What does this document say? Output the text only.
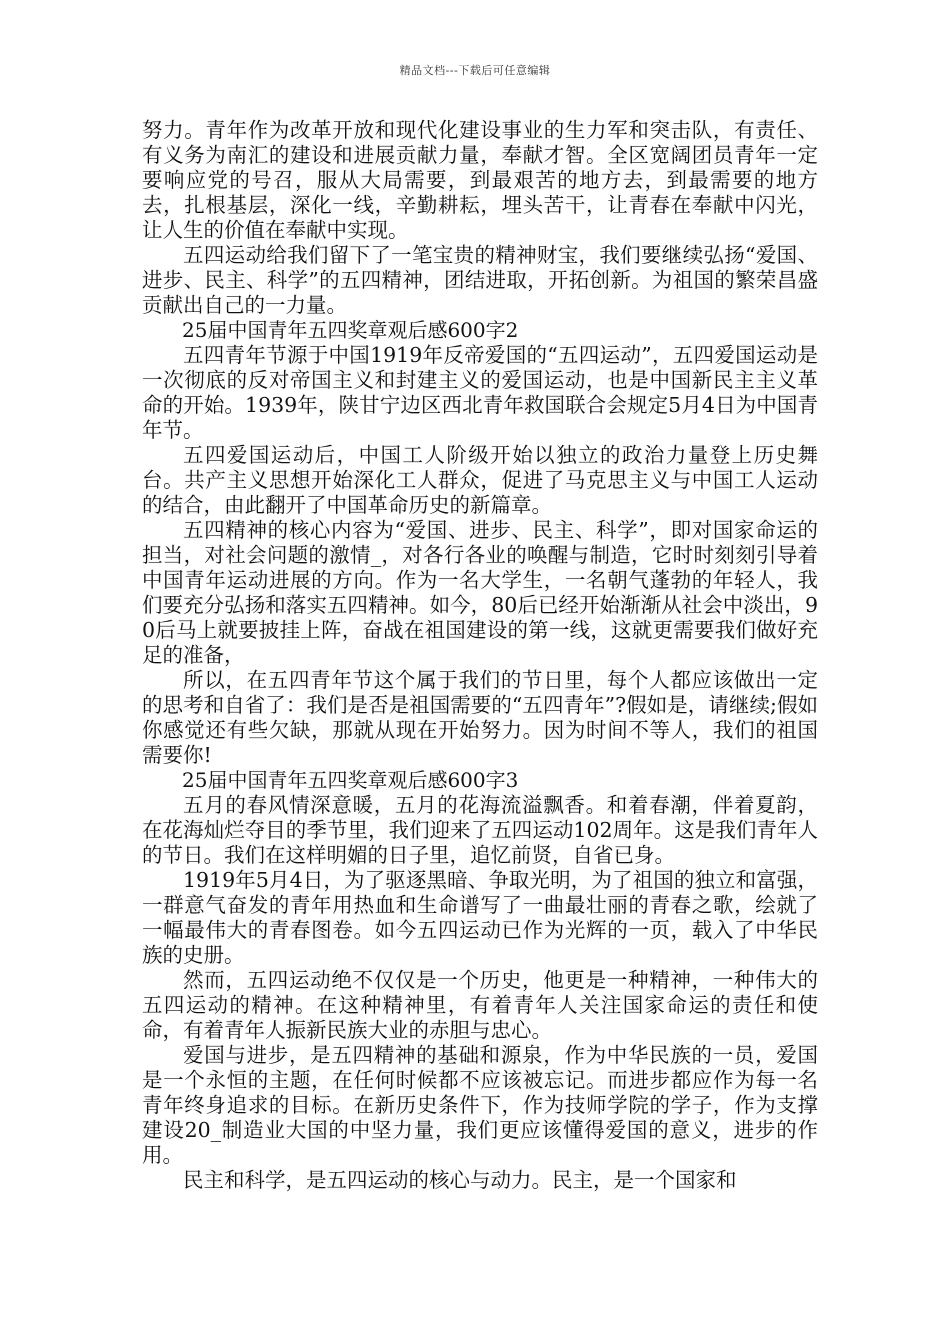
精品文档---下载后可任意编辑

努力。青年作为改革开放和现代化建设事业的生力军和突击队，有责任、有义务为南汇的建设和进展贡献力量，奉献才智。全区宽阔团员青年一定要响应党的号召，服从大局需要，到最艰苦的地方去，到最需要的地方去，扎根基层，深化一线，辛勤耕耘，埋头苦干，让青春在奉献中闪光，让人生的价值在奉献中实现。

五四运动给我们留下了一笔宝贵的精神财宝，我们要继续弘扬“爱国、进步、民主、科学”的五四精神，团结进取，开拓创新。为祖国的繁荣昌盛贡献出自己的一力量。

25届中国青年五四奖章观后感600字2

五四青年节源于中国1919年反帝爱国的“五四运动”，五四爱国运动是一次彻底的反对帝国主义和封建主义的爱国运动，也是中国新民主主义革命的开始。1939年，陕甘宁边区西北青年救国联合会规定5月4日为中国青年节。

五四爱国运动后，中国工人阶级开始以独立的政治力量登上历史舞台。共产主义思想开始深化工人群众，促进了马克思主义与中国工人运动的结合，由此翻开了中国革命历史的新篇章。

五四精神的核心内容为“爱国、进步、民主、科学”，即对国家命运的担当，对社会问题的激情_，对各行各业的唤醒与制造，它时时刻刻引导着中国青年运动进展的方向。作为一名大学生，一名朝气蓬勃的年轻人，我们要充分弘扬和落实五四精神。如今，80后已经开始渐渐从社会中淡出，90后马上就要披挂上阵，奋战在祖国建设的第一线，这就更需要我们做好充足的准备，

所以，在五四青年节这个属于我们的节日里，每个人都应该做出一定的思考和自省了：我们是否是祖国需要的“五四青年”?假如是，请继续;假如你感觉还有些欠缺，那就从现在开始努力。因为时间不等人，我们的祖国需要你!

25届中国青年五四奖章观后感600字3

五月的春风情深意暖，五月的花海流溢飘香。和着春潮，伴着夏韵，在花海灿烂夺目的季节里，我们迎来了五四运动102周年。这是我们青年人的节日。我们在这样明媚的日子里，追忆前贤，自省已身。

1919年5月4日，为了驱逐黑暗、争取光明，为了祖国的独立和富强，一群意气奋发的青年用热血和生命谱写了一曲最壮丽的青春之歌，绘就了一幅最伟大的青春图卷。如今五四运动已作为光辉的一页，载入了中华民族的史册。

然而，五四运动绝不仅仅是一个历史，他更是一种精神，一种伟大的五四运动的精神。在这种精神里，有着青年人关注国家命运的责任和使命，有着青年人振新民族大业的赤胆与忠心。

爱国与进步，是五四精神的基础和源泉，作为中华民族的一员，爱国是一个永恒的主题，在任何时候都不应该被忘记。而进步都应作为每一名青年终身追求的目标。在新历史条件下，作为技师学院的学子，作为支撑建设20_制造业大国的中坚力量，我们更应该懂得爱国的意义，进步的作用。

民主和科学，是五四运动的核心与动力。民主，是一个国家和
